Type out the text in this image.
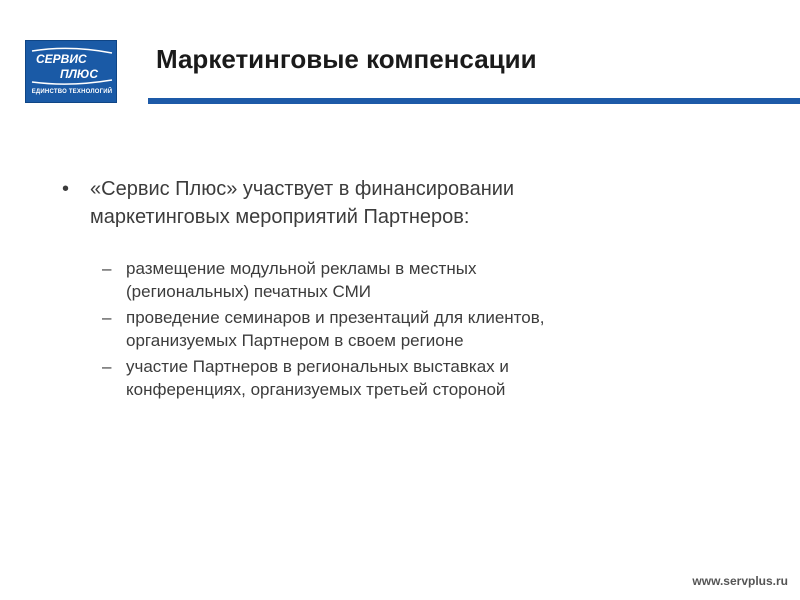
СЕРВИС
ПЛЮС
ЕДИНСТВО ТЕХНОЛОГИЙ
Маркетинговые компенсации
•	«Сервис Плюс» участвует в финансировании
маркетинговых мероприятий Партнеров:
– размещение модульной рекламы в местных
(региональных) печатных СМИ
– проведение семинаров и презентаций для клиентов,
организуемых Партнером в своем регионе
– участие Партнеров в региональных выставках и
конференциях, организуемых третьей стороной
www.servplus.ru
